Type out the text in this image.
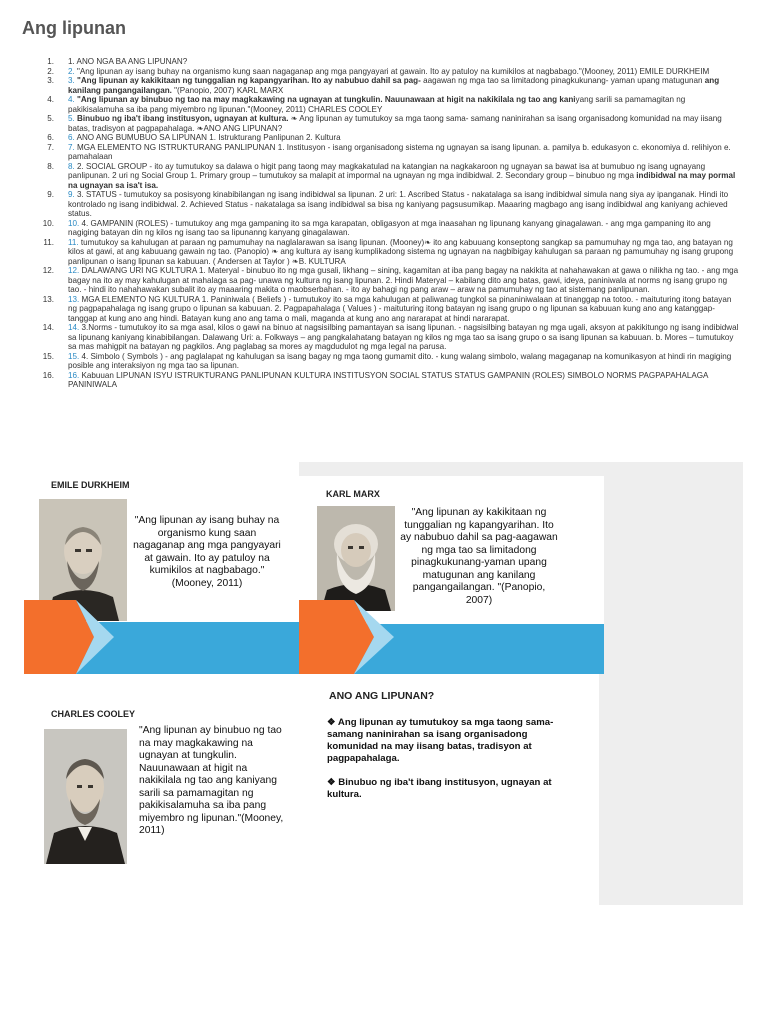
Ang lipunan
1.	1. ANO NGA BA ANG LIPUNAN?
2.	2. "Ang lipunan ay isang buhay na organismo kung saan nagaganap ang mga pangyayari at gawain. Ito ay patuloy na kumikilos at nagbabago."(Mooney, 2011) EMILE DURKHEIM
3.	3. "Ang lipunan ay kakikitaan ng tunggalian ng kapangyarihan. Ito ay nabubuo dahil sa pag- aagawan ng mga tao sa limitadong pinagkukunang- yaman upang matugunan ang kanilang pangangailangan. "(Panopio, 2007) KARL MARX
4.	4. "Ang lipunan ay binubuo ng tao na may magkakawing na ugnayan at tungkulin. Nauunawaan at higit na nakikilala ng tao ang kaniyang sarili sa pamamagitan ng pakikisalamuha sa iba pang miyembro ng lipunan."(Mooney, 2011) CHARLES COOLEY
5.	5. Binubuo ng iba't ibang institusyon, ugnayan at kultura. ❧ Ang lipunan ay tumutukoy sa mga taong sama- samang naninirahan sa isang organisadong komunidad na may iisang batas, tradisyon at pagpapahalaga. ❧ANO ANG LIPUNAN?
6.	6. ANO ANG BUMUBUO SA LIPUNAN 1. Istrukturang Panlipunan 2. Kultura
7.	7. MGA ELEMENTO NG ISTRUKTURANG PANLIPUNAN 1. Institusyon - isang organisadong sistema ng ugnayan sa isang lipunan. a. pamilya b. edukasyon c. ekonomiya d. relihiyon e. pamahalaan
8.	8. 2. SOCIAL GROUP - ito ay tumutukoy sa dalawa o higit pang taong may magkakatulad na katangian na nagkakaroon ng ugnayan sa bawat isa at bumubuo ng isang ugnayang panlipunan. 2 uri ng Social Group 1. Primary group – tumutukoy sa malapit at impormal na ugnayan ng mga indibidwal. 2. Secondary group – binubuo ng mga indibidwal na may pormal na ugnayan sa isa't isa.
9.	9. 3. STATUS - tumutukoy sa posisyong kinabibilangan ng isang indibidwal sa lipunan. 2 uri: 1. Ascribed Status - nakatalaga sa isang indibidwal simula nang siya ay ipanganak. Hindi ito kontrolado ng isang indibidwal. 2. Achieved Status - nakatalaga sa isang indibidwal sa bisa ng kaniyang pagsusumikap. Maaaring magbago ang isang indibidwal ang kaniyang achieved status.
10.	10. 4. GAMPANIN (ROLES) - tumutukoy ang mga gampaning ito sa mga karapatan, obligasyon at mga inaasahan ng lipunang kanyang ginagalawan. - ang mga gampaning ito ang nagiging batayan din ng kilos ng isang tao sa lipunanng kanyang ginagalawan.
11.	11. tumutukoy sa kahulugan at paraan ng pamumuhay na naglalarawan sa isang lipunan. (Mooney)❧ ito ang kabuuang konseptong sangkap sa pamumuhay ng mga tao, ang batayan ng kilos at gawi, at ang kabuuang gawain ng tao. (Panopio) ❧ ang kultura ay isang kumplikadong sistema ng ugnayan na nagbibigay kahulugan sa paraan ng pamumuhay ng isang grupong panlipunan o isang lipunan sa kabuuan. ( Andersen at Taylor ) ❧B. KULTURA
12.	12. DALAWANG URI NG KULTURA 1. Materyal - binubuo ito ng mga gusali, likhang – sining, kagamitan at iba pang bagay na nakikita at nahahawakan at gawa o nilikha ng tao. - ang mga bagay na ito ay may kahulugan at mahalaga sa pag- unawa ng kultura ng isang lipunan. 2. Hindi Materyal – kabilang dito ang batas, gawi, ideya, paniniwala at norms ng isang grupo ng tao. - hindi ito nahahawakan subalit ito ay maaaring makita o maobserbahan. - ito ay bahagi ng pang araw – araw na pamumuhay ng tao at sistemang panlipunan.
13.	13. MGA ELEMENTO NG KULTURA 1. Paniniwala ( Beliefs ) - tumutukoy ito sa mga kahulugan at paliwanag tungkol sa pinaniniwalaan at tinanggap na totoo. - maituturing itong batayan ng pagpapahalaga ng isang grupo o lipunan sa kabuuan. 2. Pagpapahalaga ( Values ) - maituturing itong batayan ng isang grupo o ng lipunan sa kabuuan kung ano ang katanggap-tanggap at kung ano ang hindi. Batayan kung ano ang tama o mali, maganda at kung ano ang nararapat at hindi nararapat.
14.	14. 3.Norms - tumutukoy ito sa mga asal, kilos o gawi na binuo at nagsisilbing pamantayan sa isang lipunan. - nagsisilbing batayan ng mga ugali, aksyon at pakikitungo ng isang indibidwal sa lipunang kaniyang kinabibilangan. Dalawang Uri: a. Folkways – ang pangkalahatang batayan ng kilos ng mga tao sa isang grupo o sa isang lipunan sa kabuuan. b. Mores – tumutukoy sa mas mahigpit na batayan ng pagkilos. Ang paglabag sa mores ay magdudulot ng mga legal na parusa.
15.	15. 4. Simbolo ( Symbols ) - ang paglalapat ng kahulugan sa isang bagay ng mga taong gumamit dito. - kung walang simbolo, walang magaganap na komunikasyon at hindi rin magiging posible ang interaksiyon ng mga tao sa lipunan.
16.	16. Kabuuan LIPUNAN ISYU ISTRUKTURANG PANLIPUNAN KULTURA INSTITUSYON SOCIAL STATUS STATUS GAMPANIN (ROLES) SIMBOLO NORMS PAGPAPAHALAGA PANINIWALA
EMILE DURKHEIM
"Ang lipunan ay isang buhay na organismo kung saan nagaganap ang mga pangyayari at gawain. Ito ay patuloy na kumikilos at nagbabago."(Mooney, 2011)
KARL MARX
"Ang lipunan ay kakikitaan ng tunggalian ng kapangyarihan. Ito ay nabubuo dahil sa pag-aagawan ng mga tao sa limitadong pinagkukunang-yaman upang matugunan ang kanilang pangangailangan. "(Panopio, 2007)
CHARLES COOLEY
"Ang lipunan ay binubuo ng tao na may magkakawing na ugnayan at tungkulin. Nauunawaan at higit na nakikilala ng tao ang kaniyang sarili sa pamamagitan ng pakikisalamuha sa iba pang miyembro ng lipunan."(Mooney, 2011)
ANO ANG LIPUNAN?
❖ Ang lipunan ay tumutukoy sa mga taong sama-samang naninirahan sa isang organisadong komunidad na may iisang batas, tradisyon at pagpapahalaga.
❖ Binubuo ng iba't ibang institusyon, ugnayan at kultura.
